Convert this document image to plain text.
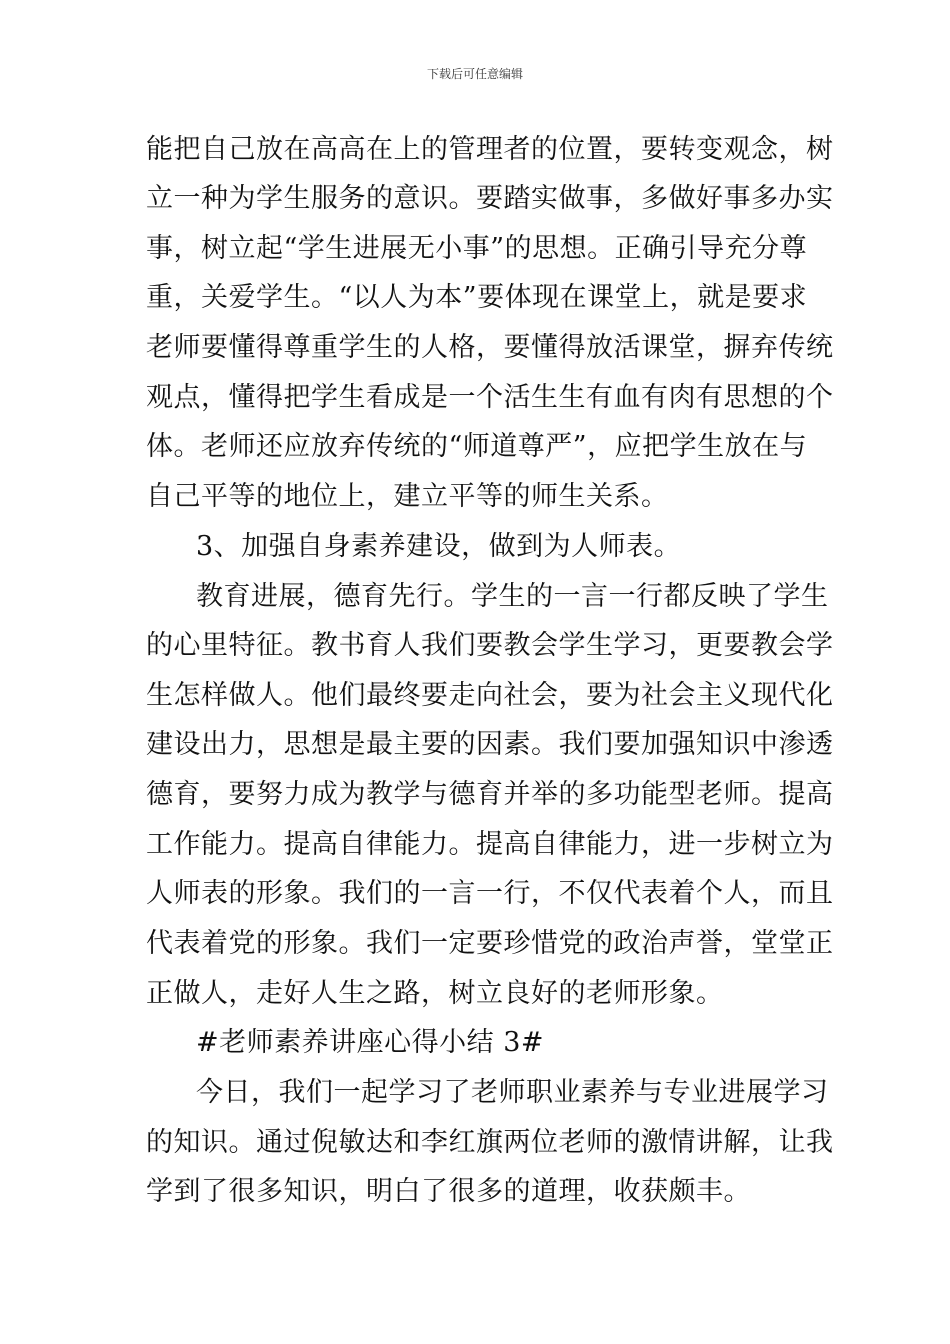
下载后可任意编辑
能把自己放在高高在上的管理者的位置，要转变观念，树
立一种为学生服务的意识。要踏实做事，多做好事多办实
事，树立起“学生进展无小事”的思想。正确引导充分尊
重，关爱学生。“以人为本”要体现在课堂上，就是要求
老师要懂得尊重学生的人格，要懂得放活课堂，摒弃传统
观点，懂得把学生看成是一个活生生有血有肉有思想的个
体。老师还应放弃传统的“师道尊严”，应把学生放在与
自己平等的地位上，建立平等的师生关系。
3、加强自身素养建设，做到为人师表。
教育进展，德育先行。学生的一言一行都反映了学生
的心里特征。教书育人我们要教会学生学习，更要教会学
生怎样做人。他们最终要走向社会，要为社会主义现代化
建设出力，思想是最主要的因素。我们要加强知识中渗透
德育，要努力成为教学与德育并举的多功能型老师。提高
工作能力。提高自律能力。提高自律能力，进一步树立为
人师表的形象。我们的一言一行，不仅代表着个人，而且
代表着党的形象。我们一定要珍惜党的政治声誉，堂堂正
正做人，走好人生之路，树立良好的老师形象。
#老师素养讲座心得小结 3#
今日，我们一起学习了老师职业素养与专业进展学习
的知识。通过倪敏达和李红旗两位老师的激情讲解，让我
学到了很多知识，明白了很多的道理，收获颇丰。
